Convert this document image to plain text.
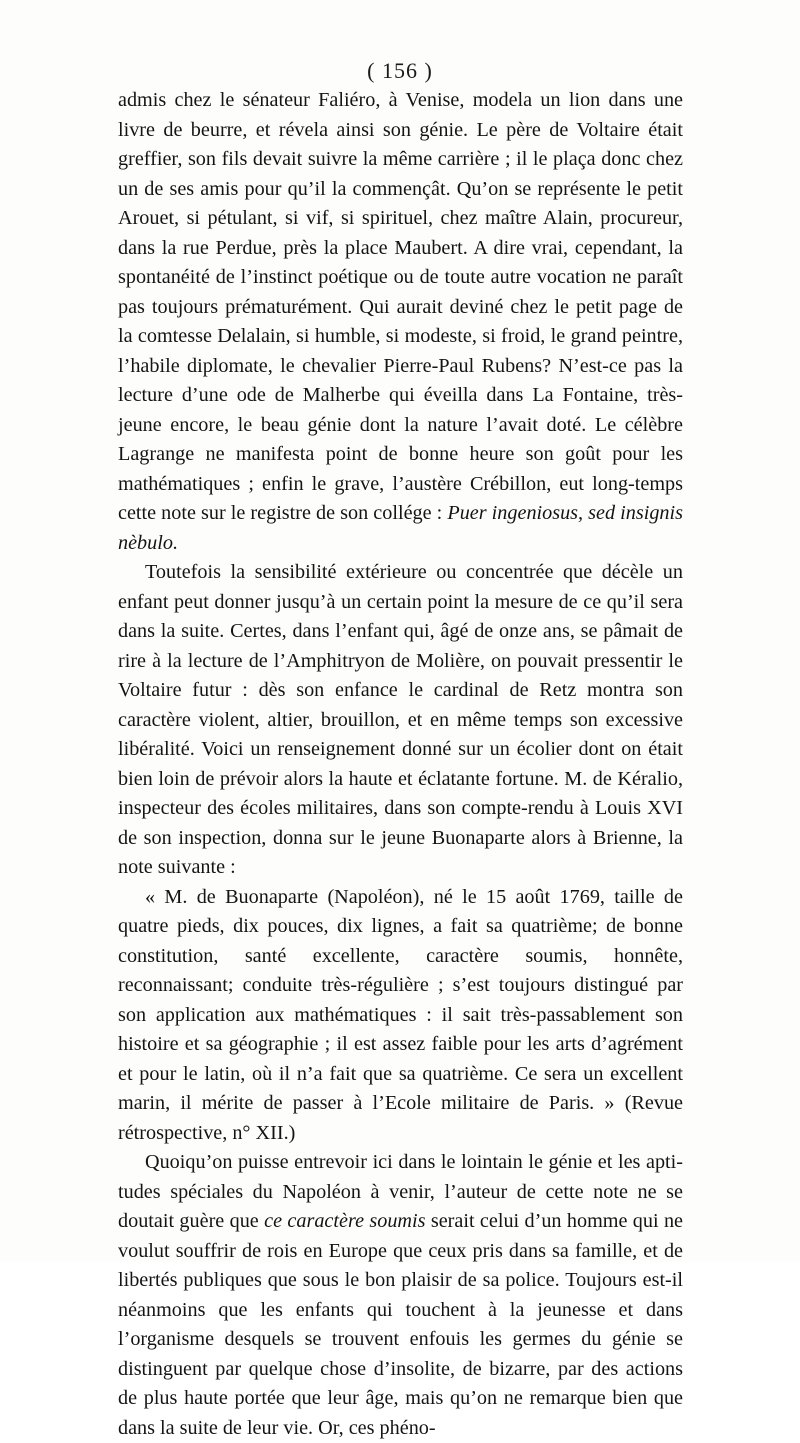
( 156 )

admis chez le sénateur Faliéro, à Venise, modela un lion dans une livre de beurre, et révela ainsi son génie. Le père de Voltaire était greffier, son fils devait suivre la même carrière ; il le plaça donc chez un de ses amis pour qu’il la commençât. Qu’on se représente le petit Arouet, si pétulant, si vif, si spirituel, chez maître Alain, procureur, dans la rue Perdue, près la place Maubert. A dire vrai, cependant, la spontanéité de l’instinct poétique ou de toute autre vocation ne paraît pas toujours prématurément. Qui aurait deviné chez le petit page de la comtesse Delalain, si humble, si modeste, si froid, le grand peintre, l’habile diplomate, le chevalier Pierre-Paul Rubens? N’est-ce pas la lecture d’une ode de Malherbe qui éveilla dans La Fontaine, très-jeune encore, le beau génie dont la nature l’avait doté. Le célèbre Lagrange ne manifesta point de bonne heure son goût pour les mathématiques ; enfin le grave, l’austère Crébillon, eut long-temps cette note sur le registre de son collége : Puer ingeniosus, sed insignis nèbulo.

Toutefois la sensibilité extérieure ou concentrée que décèle un enfant peut donner jusqu’à un certain point la mesure de ce qu’il sera dans la suite. Certes, dans l’enfant qui, âgé de onze ans, se pâmait de rire à la lecture de l’Amphitryon de Molière, on pouvait pressentir le Voltaire futur : dès son enfance le cardinal de Retz montra son caractère violent, altier, brouillon, et en même temps son excessive libéralité. Voici un renseignement donné sur un écolier dont on était bien loin de prévoir alors la haute et éclatante fortune. M. de Kéralio, inspecteur des écoles militaires, dans son compte-rendu à Louis XVI de son inspection, donna sur le jeune Buonaparte alors à Brienne, la note suivante :

« M. de Buonaparte (Napoléon), né le 15 août 1769, taille de quatre pieds, dix pouces, dix lignes, a fait sa quatrième; de bonne constitution, santé excellente, caractère soumis, honnête, reconnaissant; conduite très-régulière ; s’est toujours distingué par son application aux mathématiques : il sait très-passablement son histoire et sa géographie ; il est assez faible pour les arts d’agrément et pour le latin, où il n’a fait que sa quatrième. Ce sera un excellent marin, il mérite de passer à l’Ecole militaire de Paris. » (Revue rétrospective, n° XII.)

Quoiqu’on puisse entrevoir ici dans le lointain le génie et les aptitudes spéciales du Napoléon à venir, l’auteur de cette note ne se doutait guère que ce caractère soumis serait celui d’un homme qui ne voulut souffrir de rois en Europe que ceux pris dans sa famille, et de libertés publiques que sous le bon plaisir de sa police. Toujours est-il néanmoins que les enfants qui touchent à la jeunesse et dans l’organisme desquels se trouvent enfouis les germes du génie se distinguent par quelque chose d’insolite, de bizarre, par des actions de plus haute portée que leur âge, mais qu’on ne remarque bien que dans la suite de leur vie. Or, ces phéno-
